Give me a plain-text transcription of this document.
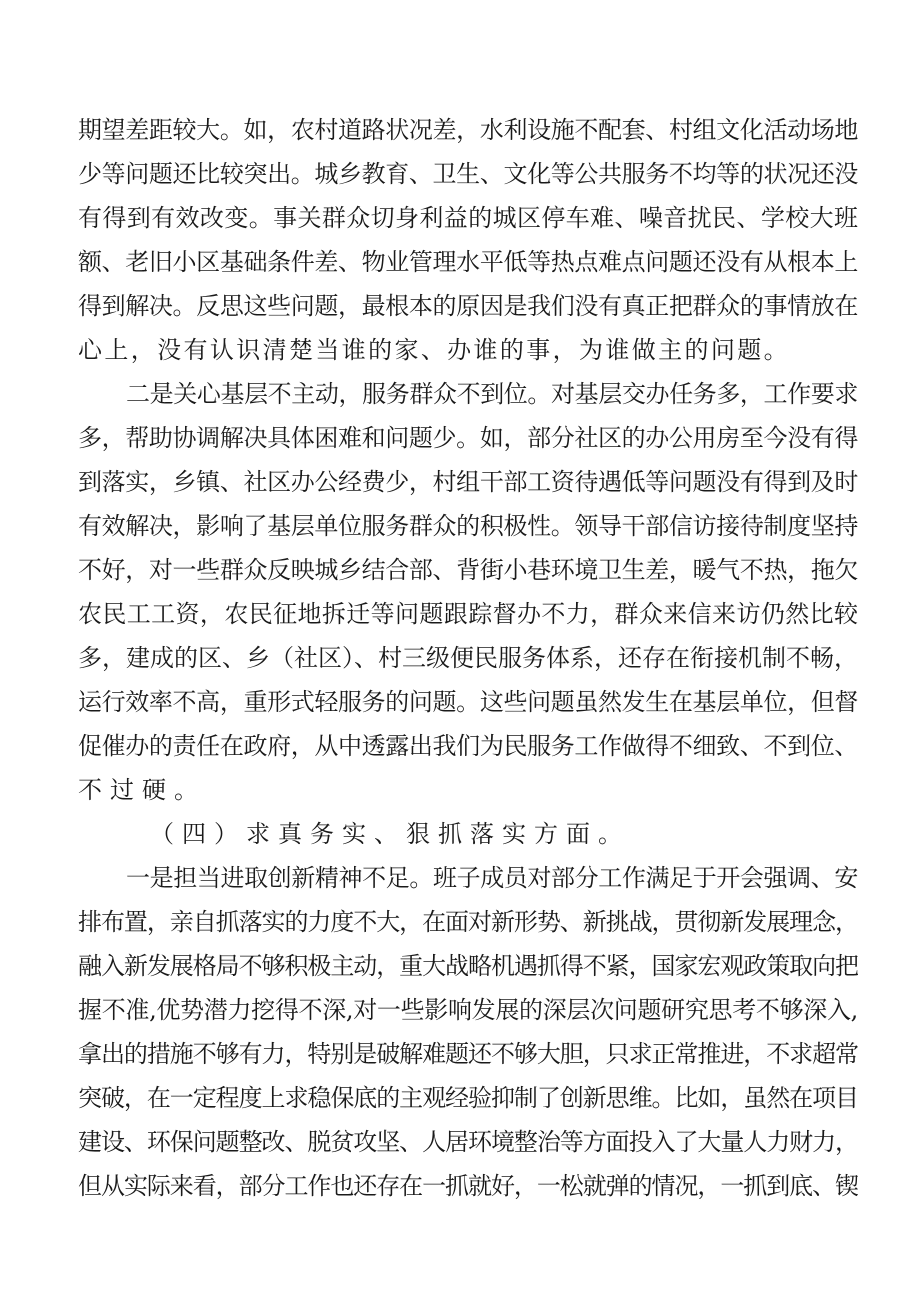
期望差距较大。如，农村道路状况差，水利设施不配套、村组文化活动场地
少等问题还比较突出。城乡教育、卫生、文化等公共服务不均等的状况还没
有得到有效改变。事关群众切身利益的城区停车难、噪音扰民、学校大班
额、老旧小区基础条件差、物业管理水平低等热点难点问题还没有从根本上
得到解决。反思这些问题，最根本的原因是我们没有真正把群众的事情放在
心上，没有认识清楚当谁的家、办谁的事，为谁做主的问题。
二是关心基层不主动，服务群众不到位。对基层交办任务多，工作要求
多，帮助协调解决具体困难和问题少。如，部分社区的办公用房至今没有得
到落实，乡镇、社区办公经费少，村组干部工资待遇低等问题没有得到及时
有效解决，影响了基层单位服务群众的积极性。领导干部信访接待制度坚持
不好，对一些群众反映城乡结合部、背街小巷环境卫生差，暖气不热，拖欠
农民工工资，农民征地拆迁等问题跟踪督办不力，群众来信来访仍然比较
多，建成的区、乡（社区）、村三级便民服务体系，还存在衔接机制不畅，
运行效率不高，重形式轻服务的问题。这些问题虽然发生在基层单位，但督
促催办的责任在政府，从中透露出我们为民服务工作做得不细致、不到位、
不过硬。
（四）求真务实、狠抓落实方面。
一是担当进取创新精神不足。班子成员对部分工作满足于开会强调、安
排布置，亲自抓落实的力度不大，在面对新形势、新挑战，贯彻新发展理念，
融入新发展格局不够积极主动，重大战略机遇抓得不紧，国家宏观政策取向把
握不准,优势潜力挖得不深,对一些影响发展的深层次问题研究思考不够深入,
拿出的措施不够有力，特别是破解难题还不够大胆，只求正常推进，不求超常
突破，在一定程度上求稳保底的主观经验抑制了创新思维。比如，虽然在项目
建设、环保问题整改、脱贫攻坚、人居环境整治等方面投入了大量人力财力，
但从实际来看，部分工作也还存在一抓就好，一松就弹的情况，一抓到底、锲
